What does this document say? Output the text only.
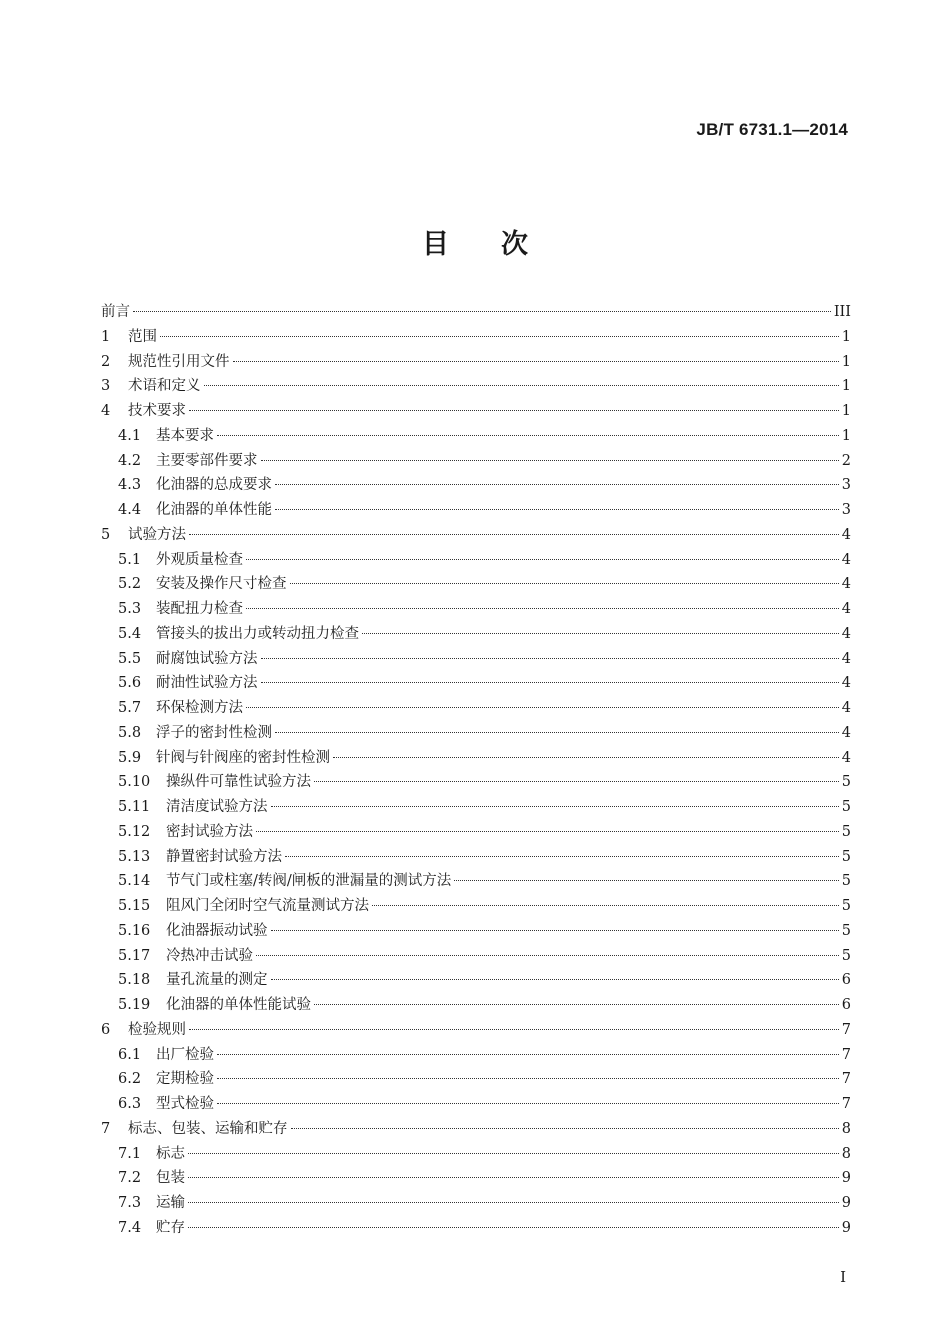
JB/T 6731.1—2014
目次
前言	III
1	范围	1
2	规范性引用文件	1
3	术语和定义	1
4	技术要求	1
4.1	基本要求	1
4.2	主要零部件要求	2
4.3	化油器的总成要求	3
4.4	化油器的单体性能	3
5	试验方法	4
5.1	外观质量检查	4
5.2	安装及操作尺寸检查	4
5.3	装配扭力检查	4
5.4	管接头的拔出力或转动扭力检查	4
5.5	耐腐蚀试验方法	4
5.6	耐油性试验方法	4
5.7	环保检测方法	4
5.8	浮子的密封性检测	4
5.9	针阀与针阀座的密封性检测	4
5.10	操纵件可靠性试验方法	5
5.11	清洁度试验方法	5
5.12	密封试验方法	5
5.13	静置密封试验方法	5
5.14	节气门或柱塞/转阀/闸板的泄漏量的测试方法	5
5.15	阻风门全闭时空气流量测试方法	5
5.16	化油器振动试验	5
5.17	冷热冲击试验	5
5.18	量孔流量的测定	6
5.19	化油器的单体性能试验	6
6	检验规则	7
6.1	出厂检验	7
6.2	定期检验	7
6.3	型式检验	7
7	标志、包装、运输和贮存	8
7.1	标志	8
7.2	包装	9
7.3	运输	9
7.4	贮存	9
I
